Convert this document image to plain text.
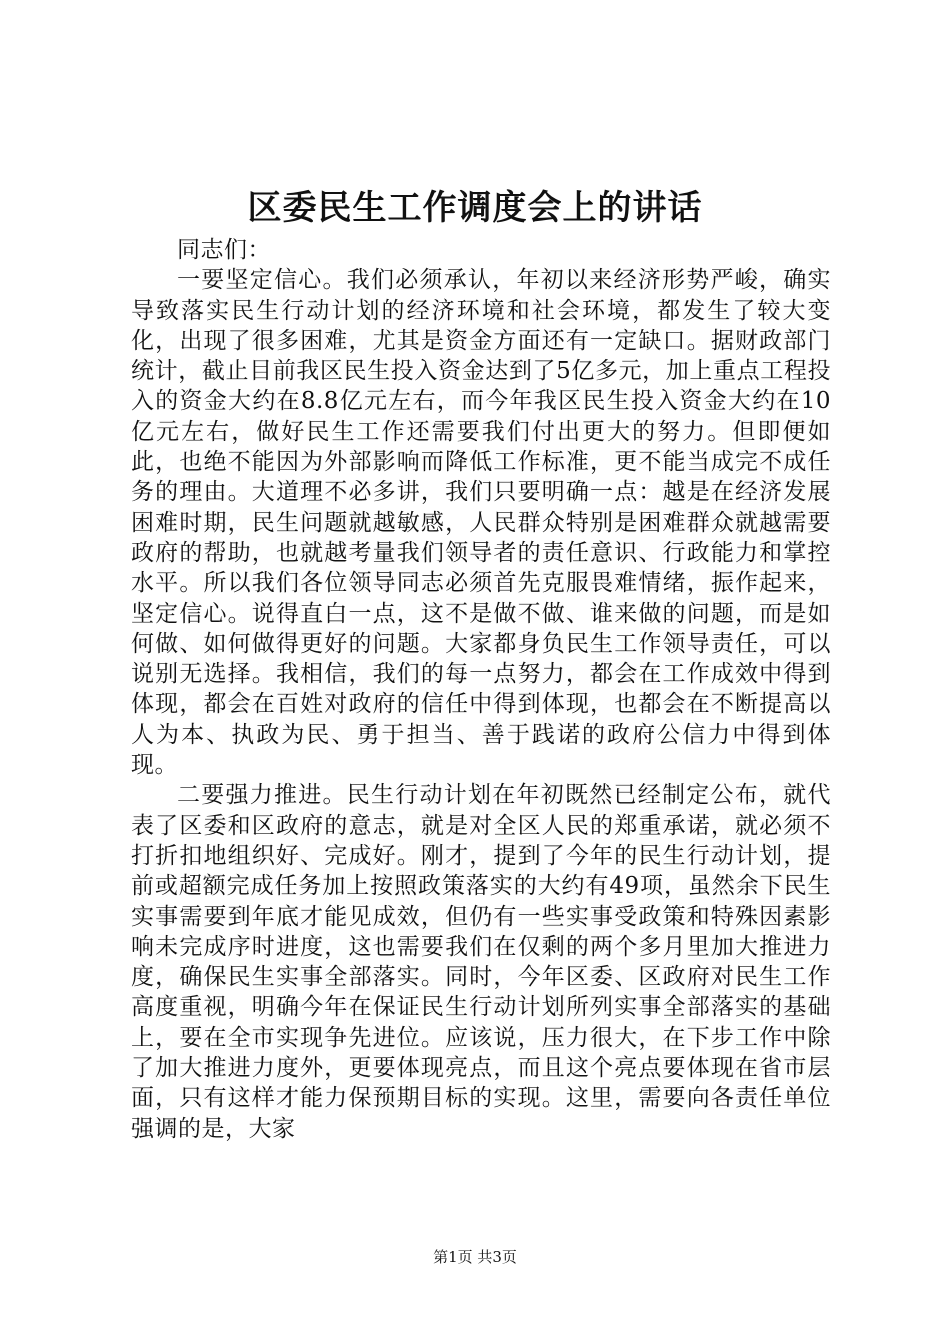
区委民生工作调度会上的讲话

同志们：

一要坚定信心。我们必须承认，年初以来经济形势严峻，确实导致落实民生行动计划的经济环境和社会环境，都发生了较大变化，出现了很多困难，尤其是资金方面还有一定缺口。据财政部门统计，截止目前我区民生投入资金达到了5亿多元，加上重点工程投入的资金大约在8.8亿元左右，而今年我区民生投入资金大约在10亿元左右，做好民生工作还需要我们付出更大的努力。但即便如此，也绝不能因为外部影响而降低工作标准，更不能当成完不成任务的理由。大道理不必多讲，我们只要明确一点：越是在经济发展困难时期，民生问题就越敏感，人民群众特别是困难群众就越需要政府的帮助，也就越考量我们领导者的责任意识、行政能力和掌控水平。所以我们各位领导同志必须首先克服畏难情绪，振作起来，坚定信心。说得直白一点，这不是做不做、谁来做的问题，而是如何做、如何做得更好的问题。大家都身负民生工作领导责任，可以说别无选择。我相信，我们的每一点努力，都会在工作成效中得到体现，都会在百姓对政府的信任中得到体现，也都会在不断提高以人为本、执政为民、勇于担当、善于践诺的政府公信力中得到体现。

二要强力推进。民生行动计划在年初既然已经制定公布，就代表了区委和区政府的意志，就是对全区人民的郑重承诺，就必须不打折扣地组织好、完成好。刚才，提到了今年的民生行动计划，提前或超额完成任务加上按照政策落实的大约有49项，虽然余下民生实事需要到年底才能见成效，但仍有一些实事受政策和特殊因素影响未完成序时进度，这也需要我们在仅剩的两个多月里加大推进力度，确保民生实事全部落实。同时，今年区委、区政府对民生工作高度重视，明确今年在保证民生行动计划所列实事全部落实的基础上，要在全市实现争先进位。应该说，压力很大，在下步工作中除了加大推进力度外，更要体现亮点，而且这个亮点要体现在省市层面，只有这样才能力保预期目标的实现。这里，需要向各责任单位强调的是，大家

第1页 共3页
